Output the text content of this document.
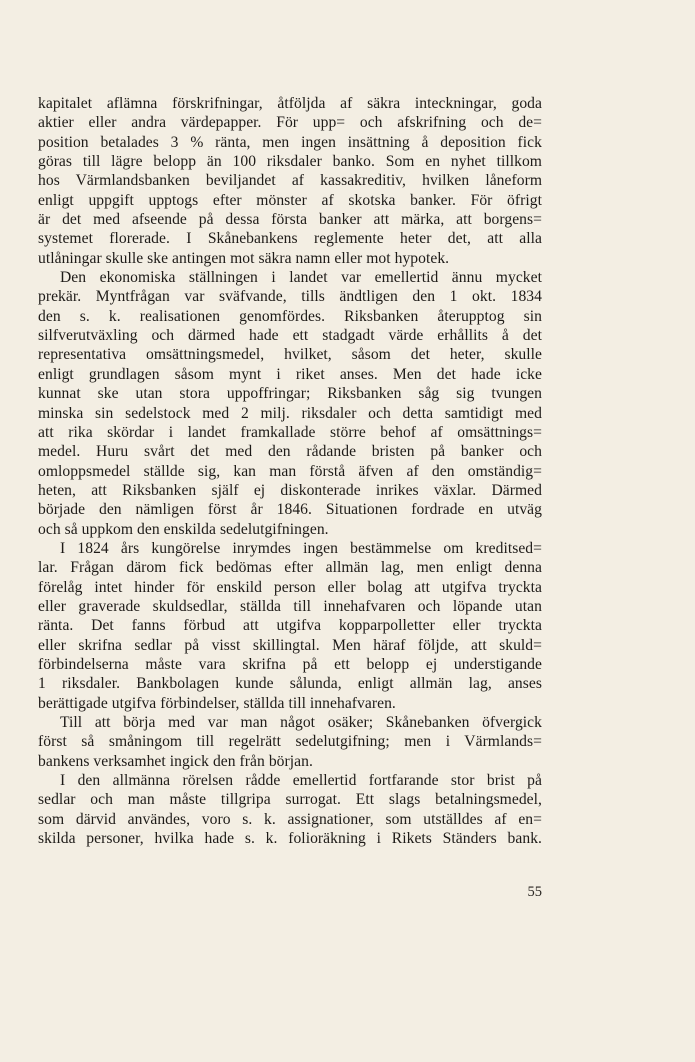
kapitalet aflämna förskrifningar, åtföljda af säkra inteckningar, goda
aktier eller andra värdepapper. För upp= och afskrifning och de=
position betalades 3 % ränta, men ingen insättning å deposition fick
göras till lägre belopp än 100 riksdaler banko. Som en nyhet tillkom
hos Värmlandsbanken beviljandet af kassakreditiv, hvilken låneform
enligt uppgift upptogs efter mönster af skotska banker. För öfrigt
är det med afseende på dessa första banker att märka, att borgens=
systemet florerade. I Skånebankens reglemente heter det, att alla
utlåningar skulle ske antingen mot säkra namn eller mot hypotek.
Den ekonomiska ställningen i landet var emellertid ännu mycket
prekär. Myntfrågan var sväfvande, tills ändtligen den 1 okt. 1834
den s. k. realisationen genomfördes. Riksbanken återupptog sin
silfverutväxling och därmed hade ett stadgadt värde erhållits å det
representativa omsättningsmedel, hvilket, såsom det heter, skulle
enligt grundlagen såsom mynt i riket anses. Men det hade icke
kunnat ske utan stora uppoffringar; Riksbanken såg sig tvungen
minska sin sedelstock med 2 milj. riksdaler och detta samtidigt med
att rika skördar i landet framkallade större behof af omsättnings=
medel. Huru svårt det med den rådande bristen på banker och
omloppsmedel ställde sig, kan man förstå äfven af den omständig=
heten, att Riksbanken själf ej diskonterade inrikes växlar. Därmed
började den nämligen först år 1846. Situationen fordrade en utväg
och så uppkom den enskilda sedelutgifningen.
I 1824 års kungörelse inrymdes ingen bestämmelse om kreditsed=
lar. Frågan därom fick bedömas efter allmän lag, men enligt denna
förelåg intet hinder för enskild person eller bolag att utgifva tryckta
eller graverade skuldsedlar, ställda till innehafvaren och löpande utan
ränta. Det fanns förbud att utgifva kopparpolletter eller tryckta
eller skrifna sedlar på visst skillingtal. Men häraf följde, att skuld=
förbindelserna måste vara skrifna på ett belopp ej understigande
1 riksdaler. Bankbolagen kunde sålunda, enligt allmän lag, anses
berättigade utgifva förbindelser, ställda till innehafvaren.
Till att börja med var man något osäker; Skånebanken öfvergick
först så småningom till regelrätt sedelutgifning; men i Värmlands=
bankens verksamhet ingick den från början.
I den allmänna rörelsen rådde emellertid fortfarande stor brist på
sedlar och man måste tillgripa surrogat. Ett slags betalningsmedel,
som därvid användes, voro s. k. assignationer, som utställdes af en=
skilda personer, hvilka hade s. k. folioräkning i Rikets Ständers bank.
55
